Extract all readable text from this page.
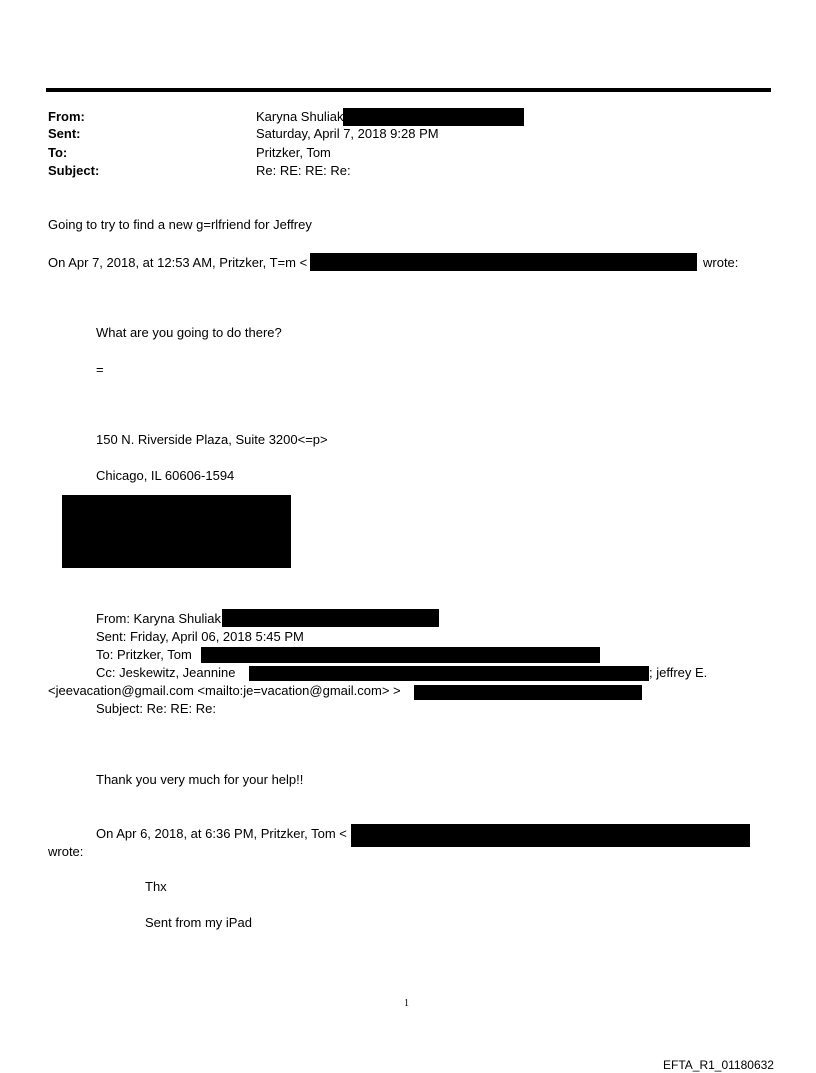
From:	Karyna Shuliak
Sent:	Saturday, April 7, 2018 9:28 PM
To:	Pritzker, Tom
Subject:	Re: RE: RE: Re:
Going to try to find a new g=rlfriend for Jeffrey
On Apr 7, 2018, at 12:53 AM, Pritzker, T=m <	wrote:
What are you going to do there?
=
150 N. Riverside Plaza, Suite 3200<=p>
Chicago, IL 60606-1594
From: Karyna Shuliak
Sent: Friday, April 06, 2018 5:45 PM
To: Pritzker, Tom
Cc: Jeskewitz, Jeannine	; jeffrey E.
<jeevacation@gmail.com <mailto:je=vacation@gmail.com> >
Subject: Re: RE: Re:
Thank you very much for your help!!
On Apr 6, 2018, at 6:36 PM, Pritzker, Tom <
wrote:
Thx
Sent from my iPad
1
EFTA_R1_01180632
